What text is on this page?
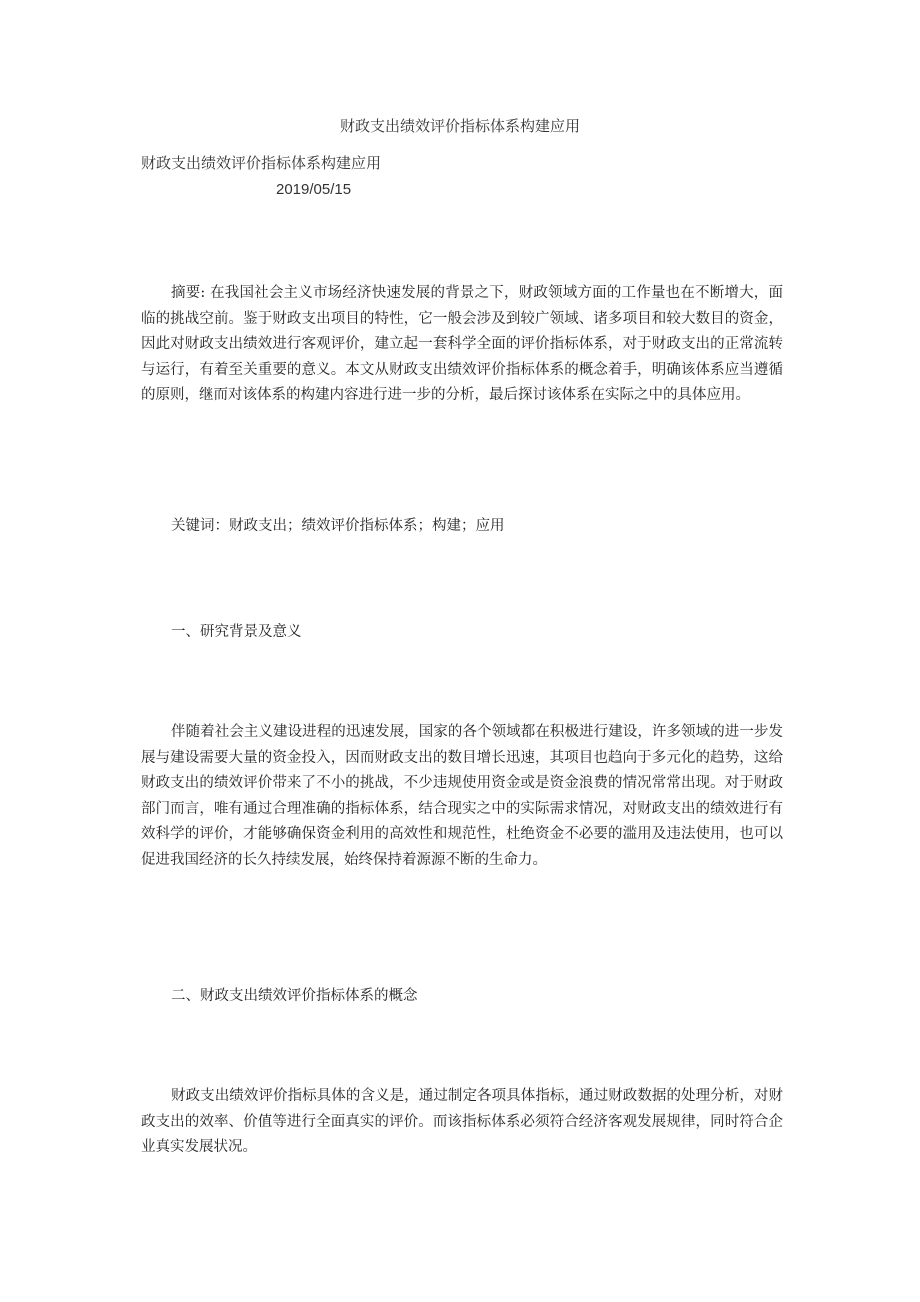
财政支出绩效评价指标体系构建应用
财政支出绩效评价指标体系构建应用
2019/05/15

摘要: 在我国社会主义市场经济快速发展的背景之下，财政领域方面的工作量也在不断增大，面临的挑战空前。鉴于财政支出项目的特性，它一般会涉及到较广领域、诸多项目和较大数目的资金，因此对财政支出绩效进行客观评价，建立起一套科学全面的评价指标体系，对于财政支出的正常流转与运行，有着至关重要的意义。本文从财政支出绩效评价指标体系的概念着手，明确该体系应当遵循的原则，继而对该体系的构建内容进行进一步的分析，最后探讨该体系在实际之中的具体应用。

关键词：财政支出；绩效评价指标体系；构建；应用

一、研究背景及意义

伴随着社会主义建设进程的迅速发展，国家的各个领域都在积极进行建设，许多领域的进一步发展与建设需要大量的资金投入，因而财政支出的数目增长迅速，其项目也趋向于多元化的趋势，这给财政支出的绩效评价带来了不小的挑战，不少违规使用资金或是资金浪费的情况常常出现。对于财政部门而言，唯有通过合理准确的指标体系，结合现实之中的实际需求情况，对财政支出的绩效进行有效科学的评价，才能够确保资金利用的高效性和规范性，杜绝资金不必要的滥用及违法使用，也可以促进我国经济的长久持续发展，始终保持着源源不断的生命力。

二、财政支出绩效评价指标体系的概念

财政支出绩效评价指标具体的含义是，通过制定各项具体指标，通过财政数据的处理分析，对财政支出的效率、价值等进行全面真实的评价。而该指标体系必须符合经济客观发展规律，同时符合企业真实发展状况。
